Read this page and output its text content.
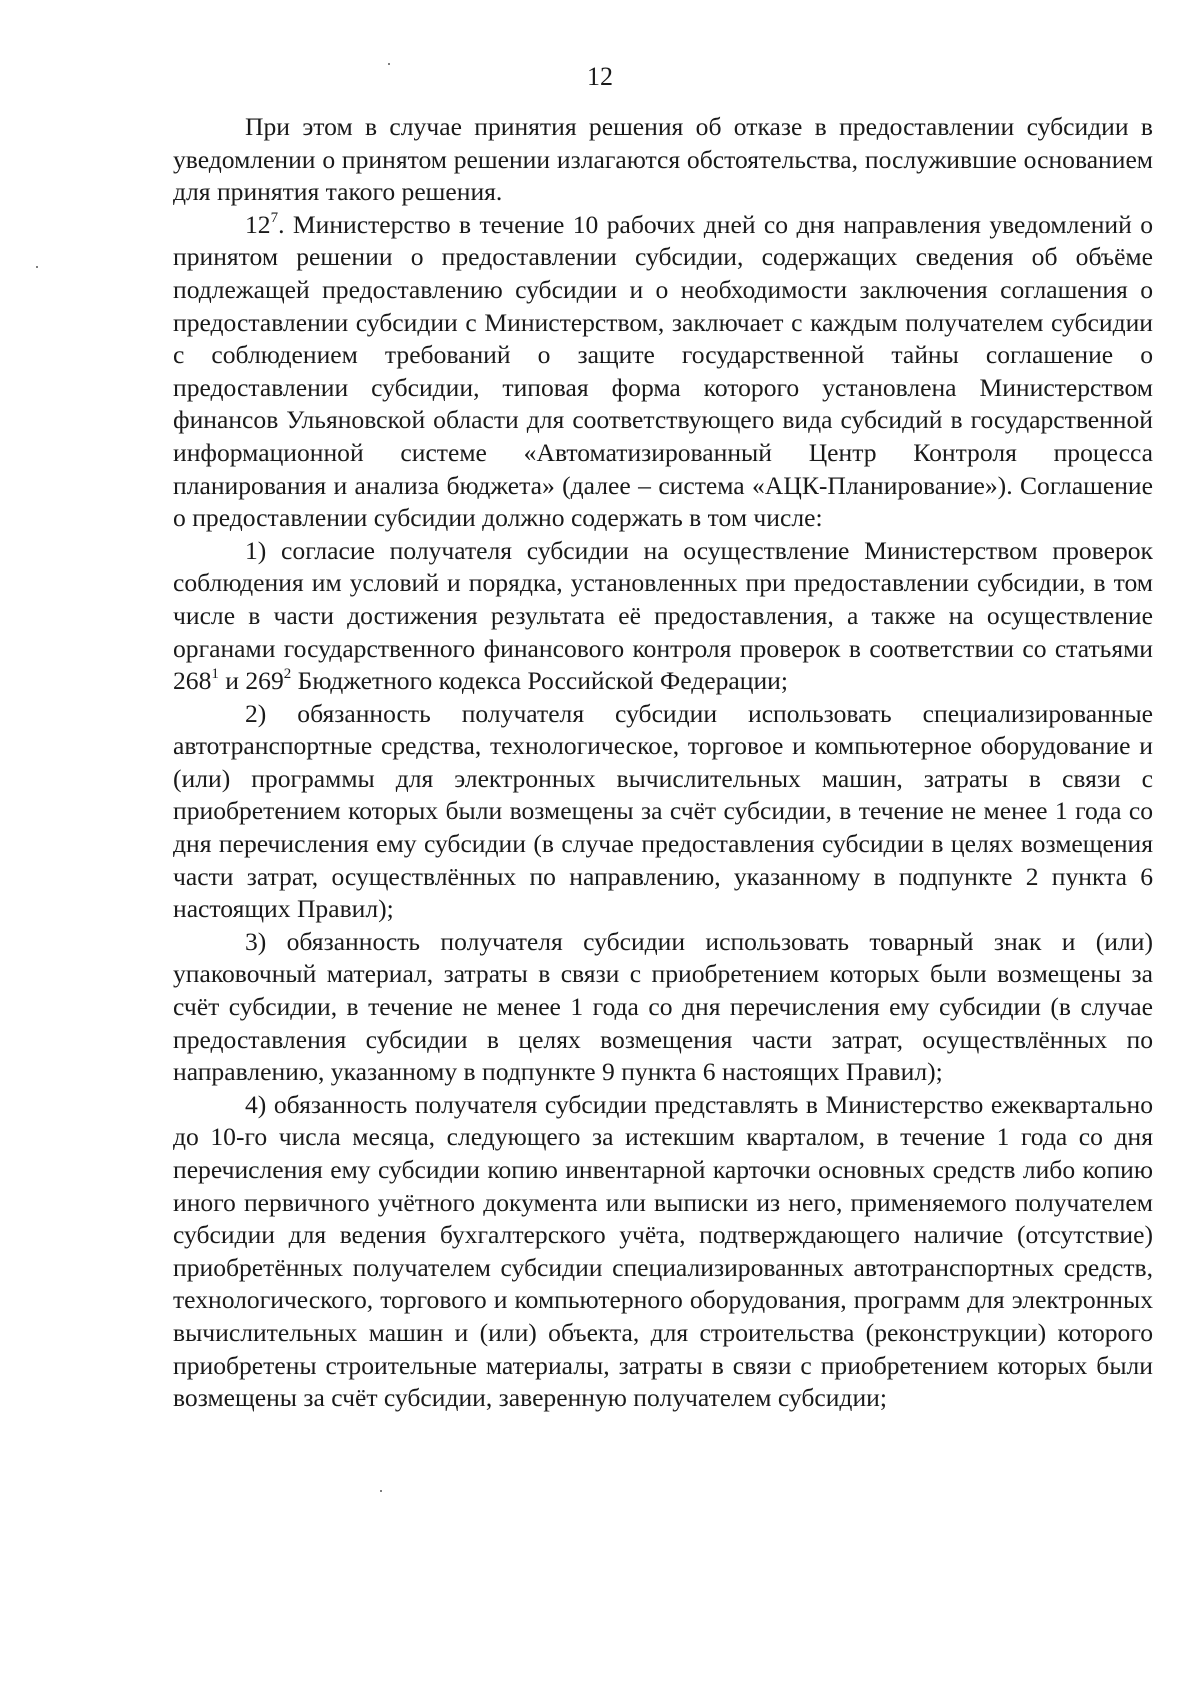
12

При этом в случае принятия решения об отказе в предоставлении субсидии в уведомлении о принятом решении излагаются обстоятельства, послужившие основанием для принятия такого решения.

$12^7$. Министерство в течение 10 рабочих дней со дня направления уведомлений о принятом решении о предоставлении субсидии, содержащих сведения об объёме подлежащей предоставлению субсидии и о необходимости заключения соглашения о предоставлении субсидии с Министерством, заключает с каждым получателем субсидии с соблюдением требований о защите государственной тайны соглашение о предоставлении субсидии, типовая форма которого установлена Министерством финансов Ульяновской области для соответствующего вида субсидий в государственной информационной системе «Автоматизированный Центр Контроля процесса планирования и анализа бюджета» (далее – система «АЦК-Планирование»). Соглашение о предоставлении субсидии должно содержать в том числе:

1) согласие получателя субсидии на осуществление Министерством проверок соблюдения им условий и порядка, установленных при предоставлении субсидии, в том числе в части достижения результата её предоставления, а также на осуществление органами государственного финансового контроля проверок в соответствии со статьями $268^1$ и $269^2$ Бюджетного кодекса Российской Федерации;

2) обязанность получателя субсидии использовать специализированные автотранспортные средства, технологическое, торговое и компьютерное оборудование и (или) программы для электронных вычислительных машин, затраты в связи с приобретением которых были возмещены за счёт субсидии, в течение не менее 1 года со дня перечисления ему субсидии (в случае предоставления субсидии в целях возмещения части затрат, осуществлённых по направлению, указанному в подпункте 2 пункта 6 настоящих Правил);

3) обязанность получателя субсидии использовать товарный знак и (или) упаковочный материал, затраты в связи с приобретением которых были возмещены за счёт субсидии, в течение не менее 1 года со дня перечисления ему субсидии (в случае предоставления субсидии в целях возмещения части затрат, осуществлённых по направлению, указанному в подпункте 9 пункта 6 настоящих Правил);

4) обязанность получателя субсидии представлять в Министерство ежеквартально до 10-го числа месяца, следующего за истекшим кварталом, в течение 1 года со дня перечисления ему субсидии копию инвентарной карточки основных средств либо копию иного первичного учётного документа или выписки из него, применяемого получателем субсидии для ведения бухгалтерского учёта, подтверждающего наличие (отсутствие) приобретённых получателем субсидии специализированных автотранспортных средств, технологического, торгового и компьютерного оборудования, программ для электронных вычислительных машин и (или) объекта, для строительства (реконструкции) которого приобретены строительные материалы, затраты в связи с приобретением которых были возмещены за счёт субсидии, заверенную получателем субсидии;
